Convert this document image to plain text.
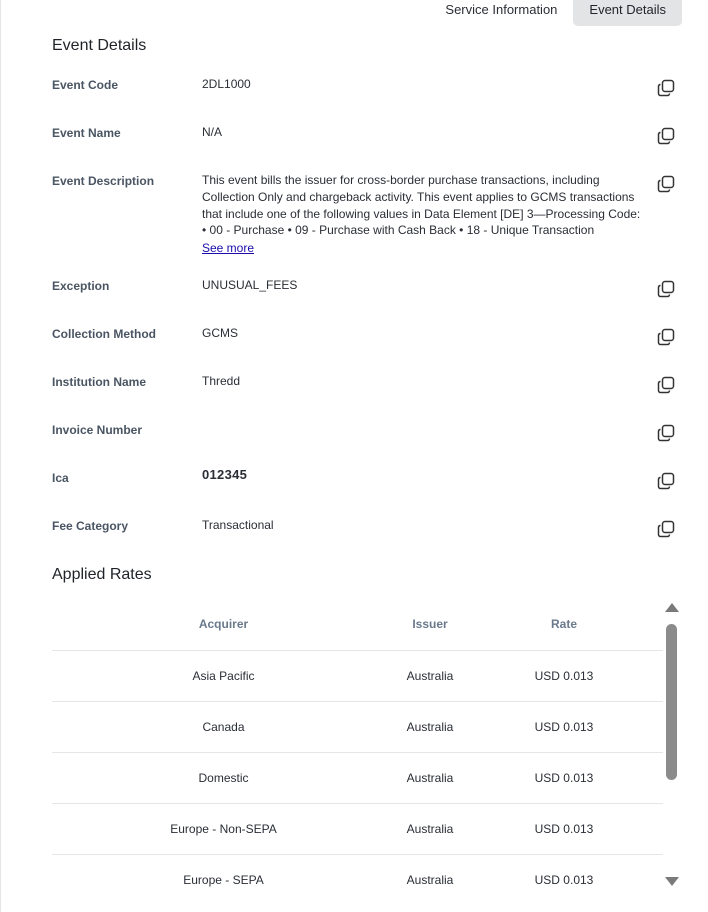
Service Information	Event Details
Event Details
Event Code	2DL1000
Event Name	N/A
Event Description	This event bills the issuer for cross-border purchase transactions, including Collection Only and chargeback activity. This event applies to GCMS transactions that include one of the following values in Data Element [DE] 3—Processing Code: • 00 - Purchase • 09 - Purchase with Cash Back • 18 - Unique Transaction
See more
Exception	UNUSUAL_FEES
Collection Method	GCMS
Institution Name	Thredd
Invoice Number
Ica	012345
Fee Category	Transactional
Applied Rates
Acquirer	Issuer	Rate
Asia Pacific	Australia	USD 0.013
Canada	Australia	USD 0.013
Domestic	Australia	USD 0.013
Europe - Non-SEPA	Australia	USD 0.013
Europe - SEPA	Australia	USD 0.013
